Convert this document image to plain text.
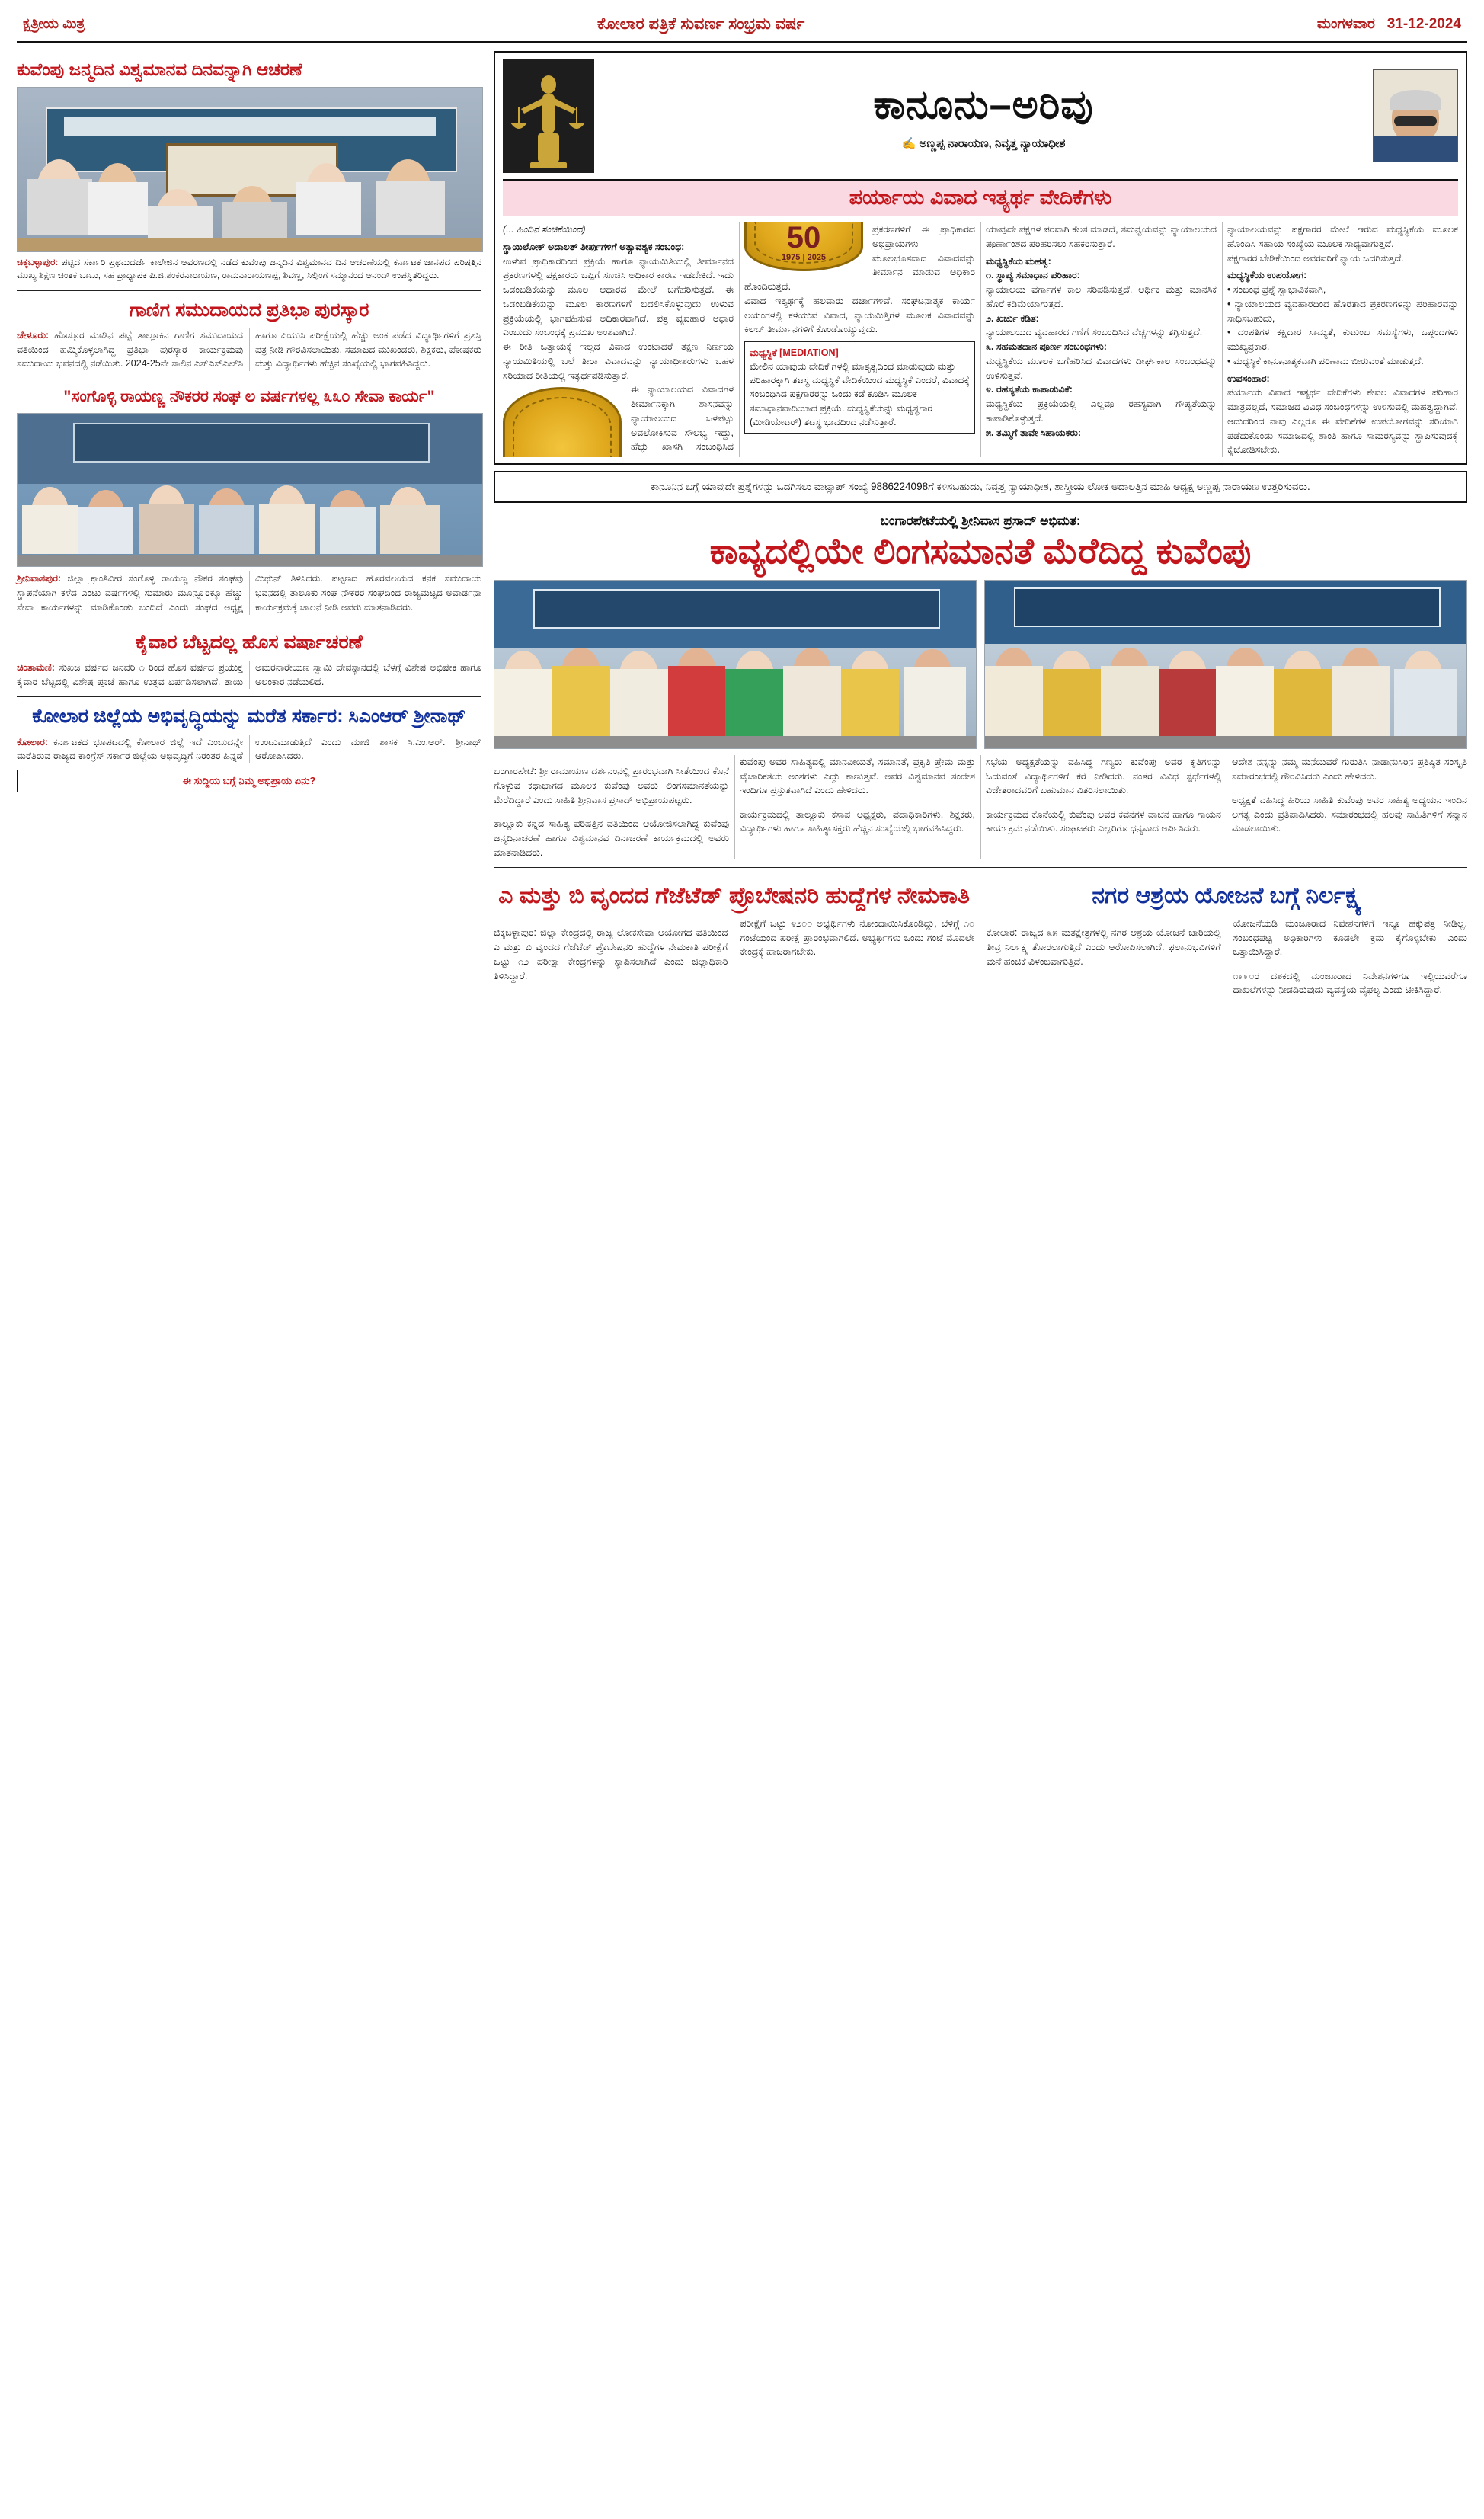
ಕ್ಷತ್ರೀಯ ಮಿತ್ರ	ಕೋಲಾರ ಪತ್ರಿಕೆ ಸುವರ್ಣ ಸಂಭ್ರಮ ವರ್ಷ	ಮಂಗಳವಾರ 31-12-2024
ಕುವೆಂಪು ಜನ್ಮದಿನ ವಿಶ್ವಮಾನವ ದಿನವನ್ನಾಗಿ ಆಚರಣೆ
ಚಿಕ್ಕಬಳ್ಳಾಪುರ: ಪಟ್ಟಿದ ಸರ್ಕಾರಿ ಪ್ರಥಮದರ್ಜೆ ಕಾಲೇಜಿನ ಆವರಣದಲ್ಲಿ ನಡೆದ ಕುವೆಂಪು ಜನ್ಮದಿನ ವಿಶ್ವಮಾನವ ದಿನ ಆಚರಣೆಯಲ್ಲಿ ಕರ್ನಾಟಕ ಜಾನಪದ ಪರಿಷತ್ತಿನ ಮುಖ್ಯ ಶಿಕ್ಷಣ ಚಿಂತಕ ಬಾಬು, ಸಹ ಪ್ರಾಧ್ಯಾಪಕ ಪಿ.ಜಿ.ಶಂಕರನಾರಾಯಣ, ರಾಮನಾರಾಯಣಪ್ಪ, ಶಿವಣ್ಣ, ಸಿಲ್ಲಿಂಗ ಸಮ್ಮಾನಂದ ಆನಂದ್ ಉಪಸ್ಥಿತರಿದ್ದರು.
ಗಾಣಿಗ ಸಮುದಾಯದ ಪ್ರತಿಭಾ ಪುರಸ್ಕಾರ
ಚೇಳೂರು: ಹೊಸ್ತೂರ ಮಾಡಿನ ಪಟ್ಟೆ ತಾಲ್ಲೂಕಿನ ಗಾಣಿಗ ಸಮುದಾಯದ ವತಿಯಿಂದ ಹಮ್ಮಿಕೊಳ್ಳಲಾಗಿದ್ದ ಪ್ರತಿಭಾ ಪುರಸ್ಕಾರ ಕಾರ್ಯಕ್ರಮವು ಸಮುದಾಯ ಭವನದಲ್ಲಿ ನಡೆಯಿತು. 2024-25ನೇ ಸಾಲಿನ ಎಸ್ಎಸ್ಎಲ್‌ಸಿ ಹಾಗೂ ಪಿಯುಸಿ ಪರೀಕ್ಷೆಯಲ್ಲಿ ಹೆಚ್ಚು ಅಂಕ ಪಡೆದ ವಿದ್ಯಾರ್ಥಿಗಳಿಗೆ ಪ್ರಶಸ್ತಿ ಪತ್ರ ನೀಡಿ ಗೌರವಿಸಲಾಯಿತು. ಸಮಾಜದ ಮುಖಂಡರು, ಶಿಕ್ಷಕರು, ಪೋಷಕರು ಮತ್ತು ವಿದ್ಯಾರ್ಥಿಗಳು ಹೆಚ್ಚಿನ ಸಂಖ್ಯೆಯಲ್ಲಿ ಭಾಗವಹಿಸಿದ್ದರು.
"ಸಂಗೊಳ್ಳಿ ರಾಯಣ್ಣ ನೌಕರರ ಸಂಘ ಲ ವರ್ಷಗಳಲ್ಲ ೩೩೦ ಸೇವಾ ಕಾರ್ಯ"
ಶ್ರೀನಿವಾಸಪುರ: ಜಿಲ್ಲಾ ಕ್ರಾಂತಿವೀರ ಸಂಗೊಳ್ಳಿ ರಾಯಣ್ಣ ನೌಕರ ಸಂಘವು ಸ್ಥಾಪನೆಯಾಗಿ ಕಳೆದ ಎಂಟು ವರ್ಷಗಳಲ್ಲಿ ಸುಮಾರು ಮೂನ್ನೂರಕ್ಕೂ ಹೆಚ್ಚು ಸೇವಾ ಕಾರ್ಯಗಳನ್ನು ಮಾಡಿಕೊಂಡು ಬಂದಿದೆ ಎಂದು ಸಂಘದ ಅಧ್ಯಕ್ಷ ಮಿಥುನ್ ತಿಳಿಸಿದರು. ಪಟ್ಟಣದ ಹೊರವಲಯದ ಕನಕ ಸಮುದಾಯ ಭವನದಲ್ಲಿ ತಾಲೂಕು ಸಂಘ ನೌಕರರ ಸಂಘದಿಂದ ರಾಜ್ಯಮಟ್ಟದ ಅವಾರ್ಡನಾ ಕಾರ್ಯಕ್ರಮಕ್ಕೆ ಚಾಲನೆ ನೀಡಿ ಅವರು ಮಾತನಾಡಿದರು.
ಕೈವಾರ ಬೆಟ್ಟದಲ್ಲ ಹೊಸ ವರ್ಷಾಚರಣೆ
ಚಿಂತಾಮಣಿ: ಸುಖಜ ವರ್ಷದ ಜನವರಿ ೧ ರಿಂದ ಹೊಸ ವರ್ಷದ ಪ್ರಯುಕ್ತ ಕೈವಾರ ಬೆಟ್ಟದಲ್ಲಿ ವಿಶೇಷ ಪೂಜೆ ಹಾಗೂ ಉತ್ಸವ ಏರ್ಪಡಿಸಲಾಗಿದೆ. ತಾಯಿ ಅಮರನಾರೇಯಣ ಸ್ವಾಮಿ ದೇವಸ್ಥಾನದಲ್ಲಿ ಬೆಳಗ್ಗೆ ವಿಶೇಷ ಅಭಿಷೇಕ ಹಾಗೂ ಅಲಂಕಾರ ನಡೆಯಲಿದೆ.
ಕೋಲಾರ ಜಿಲ್ಲೆಯ ಅಭಿವೃದ್ಧಿಯನ್ನು ಮರೆತ ಸರ್ಕಾರ: ಸಿಎಂಆರ್ ಶ್ರೀನಾಥ್
ಕೋಲಾರ: ಕರ್ನಾಟಕದ ಭೂಪಟದಲ್ಲಿ ಕೋಲಾರ ಜಿಲ್ಲೆ ಇದೆ ಎಂಬುದನ್ನೇ ಮರೆತಿರುವ ರಾಜ್ಯದ ಕಾಂಗ್ರೆಸ್ ಸರ್ಕಾರ ಜಿಲ್ಲೆಯ ಅಭಿವೃದ್ಧಿಗೆ ನಿರಂತರ ಹಿನ್ನಡೆ ಉಂಟುಮಾಡುತ್ತಿದೆ ಎಂದು ಮಾಜಿ ಶಾಸಕ ಸಿ.ಎಂ.ಆರ್. ಶ್ರೀನಾಥ್ ಆರೋಪಿಸಿದರು.
ಈ ಸುದ್ದಿಯ ಬಗ್ಗೆ ನಿಮ್ಮ ಅಭಿಪ್ರಾಯ ಏನು?
ಕಾನೂನು–ಅರಿವು
✍ ಅಣ್ಣಪ್ಪ ನಾರಾಯಣ, ನಿವೃತ್ತ ನ್ಯಾಯಾಧೀಶ
ಪರ್ಯಾಯ ವಿವಾದ ಇತ್ಯರ್ಥ ವೇದಿಕೆಗಳು
(... ಹಿಂದಿನ ಸಂಚಿಕೆಯಿಂದ)
ಸ್ಥಾಯಿಲೋಕ್ ಅದಾಲತ್ ತೀರ್ಪುಗಳಿಗೆ ಅತ್ಯಾವಶ್ಯಕ ಸಂಬಂಧ:
ಉಳುವ ಪ್ರಾಧಿಕಾರದಿಂದ ಪ್ರಕ್ರಿಯೆ ಹಾಗೂ ನ್ಯಾಯಮಿತಿಯಲ್ಲಿ ತೀರ್ಮಾನದ ಪ್ರಕರಣಗಳಲ್ಲಿ ಪಕ್ಷಕಾರರು ಒಪ್ಪಿಗೆ ಸೂಚಿಸಿ ಅಧಿಕಾರ ಕಾರಣ ಇಡಬೇಕಿದೆ. ಇದು ಒಡಂಬಡಿಕೆಯನ್ನು ಮೂಲ ಆಧಾರದ ಮೇಲೆ ಬಗೆಹರಿಸುತ್ತದೆ. ಈ ಒಡಂಬಡಿಕೆಯನ್ನು ಮೂಲ ಕಾರಣಗಳಿಗೆ ಬದಲಿಸಿಕೊಳ್ಳುವುದು ಉಳುವ ಪ್ರಕ್ರಿಯೆಯಲ್ಲಿ ಭಾಗವಹಿಸುವ ಅಧಿಕಾರವಾಗಿದೆ. ಪತ್ರ ವ್ಯವಹಾರ ಆಧಾರ ಎಂಬುದು ಸಂಬಂಧಕ್ಕೆ ಪ್ರಮುಖ ಅಂಶವಾಗಿದೆ.
ಈ ರೀತಿ ಒತ್ತಾಯಕ್ಕೆ ಇಲ್ಲದ ವಿವಾದ ಉಂಟಾದರೆ ತಕ್ಷಣ ನಿರ್ಣಯ ನ್ಯಾಯಮಿತಿಯಲ್ಲಿ ಬಲೆ ತೀರಾ ವಿವಾದವನ್ನು ನ್ಯಾಯಾಧೀಶರುಗಳು ಬಹಳ ಸರಿಯಾದ ರೀತಿಯಲ್ಲಿ ಇತ್ಯರ್ಥಪಡಿಸುತ್ತಾರೆ.
50
1975 | 2025
ಈ ನ್ಯಾಯಾಲಯದ ವಿವಾದಗಳ ತೀರ್ಮಾನಕ್ಕಾಗಿ ಶಾಸನವನ್ನು ನ್ಯಾಯಾಲಯದ ಒಳಪಟ್ಟು ಅವಲೋಕಿಸುವ ಸೌಲಭ್ಯ ಇದ್ದು, ಹೆಚ್ಚು ಖಾಸಗಿ ಸಂಬಂಧಿಸಿದ ಪ್ರಕರಣಗಳಿಗೆ ಈ ಪ್ರಾಧಿಕಾರದ ಅಭಿಪ್ರಾಯಗಳು ಮೂಲಭೂತವಾದ ವಿವಾದವನ್ನು ತೀರ್ಮಾನ ಮಾಡುವ ಅಧಿಕಾರ ಹೊಂದಿರುತ್ತದೆ.
ವಿವಾದ ಇತ್ಯರ್ಥಕ್ಕೆ ಹಲವಾರು ದರ್ಜಾಗಳಿವೆ. ಸಂಘಟನಾತ್ಮಕ ಕಾರ್ಯ ಲಯಂಗಳಲ್ಲಿ ಕಳೆಯುವ ವಿವಾದ, ನ್ಯಾಯಮಿತ್ತಿಗಳ ಮೂಲಕ ವಿವಾದವನ್ನು ಕಿಲಬ್ ತೀರ್ಮಾನಗಳಿಗೆ ಕೊಂಡೊಯ್ಯುವುದು.
ಮಧ್ಯಸ್ಥಿಕೆ [MEDIATION]
ಮೇಲಿನ ಯಾವುದು ವೇದಿಕೆ ಗಳಲ್ಲಿ ಮಾತೃತ್ವದಿಂದ ಮಾಡುವುದು ಮತ್ತು ಪರಿಹಾರಕ್ಕಾಗಿ ತಟಸ್ಥ ಮಧ್ಯಸ್ಥಿಕೆ ವೇದಿಕೆಯಿಂದ ಮಧ್ಯಸ್ಥಿಕೆ ಎಂದರೆ, ವಿವಾದಕ್ಕೆ ಸಂಬಂಧಿಸಿದ ಪಕ್ಷಗಾರರನ್ನು ಒಂದು ಕಡೆ ಕೂಡಿಸಿ ಮೂಲಕ ಸಮಾಧಾನವಾದಿಯಾದ ಪ್ರಕ್ರಿಯೆ. ಮಧ್ಯಸ್ಥಿಕೆಯನ್ನು ಮಧ್ಯಸ್ಥಗಾರ (ಮೀಡಿಯೇಟರ್) ತಟಸ್ಥ ಭಾವದಿಂದ ನಡೆಸುತ್ತಾರೆ.
ಯಾವುದೇ ಪಕ್ಷಗಳ ಪರವಾಗಿ ಕೆಲಸ ಮಾಡದೆ, ಸಮನ್ವಯವನ್ನು ನ್ಯಾಯಾಲಯದ ಪೂರ್ಣಾಂಶದ ಪರಿಹರಿಸಲು ಸಹಕರಿಸುತ್ತಾರೆ.
ಮಧ್ಯಸ್ಥಿಕೆಯ ಮಹತ್ವ:
೧. ಸ್ಥಾಪ್ಯ ಸಮಾಧಾನ ಪರಿಹಾರ:
ನ್ಯಾಯಾಲಯ ವರ್ಗಾಗಳ ಕಾಲ ಸರಿಪಡಿಸುತ್ತದೆ, ಆರ್ಥಿಕ ಮತ್ತು ಮಾನಸಿಕ ಹೊರೆ ಕಡಿಮೆಯಾಗುತ್ತದೆ.
೨. ಖರ್ಚು ಕಡಿತ:
ನ್ಯಾಯಾಲಯದ ವ್ಯವಹಾರದ ಗಣಿಗೆ ಸಂಬಂಧಿಸಿದ ವೆಚ್ಚಗಳನ್ನು ತಗ್ಗಿಸುತ್ತದೆ.
೩. ಸಹಮತದಾನ ಪೂರ್ಣ ಸಂಬಂಧಗಳು:
ಮಧ್ಯಸ್ಥಿಕೆಯ ಮೂಲಕ ಬಗೆಹರಿಸಿದ ವಿವಾದಗಳು ದೀರ್ಘಕಾಲ ಸಂಬಂಧವನ್ನು ಉಳಿಸುತ್ತವೆ.
೪. ರಹಸ್ಯತೆಯ ಕಾಪಾಡುವಿಕೆ:
ಮಧ್ಯಸ್ಥಿಕೆಯ ಪ್ರಕ್ರಿಯೆಯಲ್ಲಿ ಎಲ್ಲವೂ ರಹಸ್ಯವಾಗಿ ಗೌಪ್ಯತೆಯನ್ನು ಕಾಪಾಡಿಕೊಳ್ಳುತ್ತದೆ.
೫. ತಮ್ಮಿಗೆ ತಾವೇ ಸಿಹಾಯಕರು:
ನ್ಯಾಯಾಲಯವನ್ನು ಪಕ್ಷಗಾರರ ಮೇಲೆ ಇರುವ ಮಧ್ಯಸ್ಥಿಕೆಯ ಮೂಲಕ ಹೊಂದಿಸಿ ಸಹಾಯ ಸಂಖ್ಯೆಯ ಮೂಲಕ ಸಾಧ್ಯವಾಗುತ್ತದೆ.
ಪಕ್ಷಗಾರರ ಬೇಡಿಕೆಯಿಂದ ಅವರವರಿಗೆ ನ್ಯಾಯ ಒದಗಿಸುತ್ತದೆ.
ಮಧ್ಯಸ್ಥಿಕೆಯ ಉಪಯೋಗ:
• ಸಂಬಂಧ ಪ್ರಶ್ನೆ ಸ್ವಾಭಾವಿಕವಾಗಿ,
• ನ್ಯಾಯಾಲಯದ ವ್ಯವಹಾರದಿಂದ ಹೊರತಾದ ಪ್ರಕರಣಗಳನ್ನು ಪರಿಹಾರವನ್ನು ಸಾಧಿಸಬಹುದು,
• ದಂಪತಿಗಳ ಕಕ್ಷಿದಾರ ಸಾಮ್ಯತೆ, ಕುಟುಂಬ ಸಮಸ್ಯೆಗಳು, ಒಪ್ಪಂದಗಳು ಮುಖ್ಯಪ್ರಕಾರ.
• ಮಧ್ಯಸ್ಥಿಕೆ ಕಾನೂನಾತ್ಮಕವಾಗಿ ಪರಿಣಾಮ ಬೀರುವಂತೆ ಮಾಡುತ್ತದೆ.
ಉಪಸಂಹಾರ:
ಪರ್ಯಾಯ ವಿವಾದ ಇತ್ಯರ್ಥ ವೇದಿಕೆಗಳು ಕೇವಲ ವಿವಾದಗಳ ಪರಿಹಾರ ಮಾತ್ರವಲ್ಲದೆ, ಸಮಾಜದ ವಿವಿಧ ಸಂಬಂಧಗಳನ್ನು ಉಳಿಸುವಲ್ಲಿ ಮಹತ್ವದ್ದಾಗಿವೆ. ಆದುದರಿಂದ ನಾವು ಎಲ್ಲರೂ ಈ ವೇದಿಕೆಗಳ ಉಪಯೋಗವನ್ನು ಸರಿಯಾಗಿ ಪಡೆದುಕೊಂಡು ಸಮಾಜದಲ್ಲಿ ಶಾಂತಿ ಹಾಗೂ ಸಾಮರಸ್ಯವನ್ನು ಸ್ಥಾಪಿಸುವುದಕ್ಕೆ ಕೈಜೋಡಿಸಬೇಕು.
ಕಾನೂನಿನ ಬಗ್ಗೆ ಯಾವುದೇ ಪ್ರಶ್ನೆಗಳನ್ನು ಒದಗಿಸಲು ವಾಟ್ಸಾಪ್ ಸಂಖ್ಯೆ 9886224098ಗೆ ಕಳಿಸಬಹುದು, ನಿವೃತ್ತ ನ್ಯಾಯಾಧೀಶ, ಶಾಸ್ತ್ರೀಯ ಲೋಕ ಅದಾಲತ್ತಿನ ಮಾಹಿ ಅಧ್ಯಕ್ಷ ಅಣ್ಣಪ್ಪ ನಾರಾಯಣ ಉತ್ತರಿಸುವರು.
ಬಂಗಾರಪೇಟೆಯಲ್ಲಿ ಶ್ರೀನಿವಾಸ ಪ್ರಸಾದ್ ಅಭಿಮತ:
ಕಾವ್ಯದಲ್ಲಿಯೇ ಲಿಂಗಸಮಾನತೆ ಮೆರೆದಿದ್ದ ಕುವೆಂಪು

ಬಂಗಾರಪೇಟೆ: ಶ್ರೀ ರಾಮಾಯಣ ದರ್ಶನಂನಲ್ಲಿ ಪ್ರಾರಂಭವಾಗಿ ಸೀತೆಯಿಂದ ಕೊನೆ ಗೊಳ್ಳುವ ಕಥಾಭಾಗದ ಮೂಲಕ ಕುವೆಂಪು ಅವರು ಲಿಂಗಸಮಾನತೆಯನ್ನು ಮೆರೆದಿದ್ದಾರೆ ಎಂದು ಸಾಹಿತಿ ಶ್ರೀನಿವಾಸ ಪ್ರಸಾದ್ ಅಭಿಪ್ರಾಯಪಟ್ಟರು.

ತಾಲ್ಲೂಕು ಕನ್ನಡ ಸಾಹಿತ್ಯ ಪರಿಷತ್ತಿನ ವತಿಯಿಂದ ಆಯೋಜಿಸಲಾಗಿದ್ದ ಕುವೆಂಪು ಜನ್ಮದಿನಾಚರಣೆ ಹಾಗೂ ವಿಶ್ವಮಾನವ ದಿನಾಚರಣೆ ಕಾರ್ಯಕ್ರಮದಲ್ಲಿ ಅವರು ಮಾತನಾಡಿದರು.

ಕುವೆಂಪು ಅವರ ಸಾಹಿತ್ಯದಲ್ಲಿ ಮಾನವೀಯತೆ, ಸಮಾನತೆ, ಪ್ರಕೃತಿ ಪ್ರೇಮ ಮತ್ತು ವೈಚಾರಿಕತೆಯ ಅಂಶಗಳು ಎದ್ದು ಕಾಣುತ್ತವೆ. ಅವರ ವಿಶ್ವಮಾನವ ಸಂದೇಶ ಇಂದಿಗೂ ಪ್ರಸ್ತುತವಾಗಿದೆ ಎಂದು ಹೇಳಿದರು.

ಕಾರ್ಯಕ್ರಮದಲ್ಲಿ ತಾಲ್ಲೂಕು ಕಸಾಪ ಅಧ್ಯಕ್ಷರು, ಪದಾಧಿಕಾರಿಗಳು, ಶಿಕ್ಷಕರು, ವಿದ್ಯಾರ್ಥಿಗಳು ಹಾಗೂ ಸಾಹಿತ್ಯಾಸಕ್ತರು ಹೆಚ್ಚಿನ ಸಂಖ್ಯೆಯಲ್ಲಿ ಭಾಗವಹಿಸಿದ್ದರು.

ಸಭೆಯ ಅಧ್ಯಕ್ಷತೆಯನ್ನು ವಹಿಸಿದ್ದ ಗಣ್ಯರು ಕುವೆಂಪು ಅವರ ಕೃತಿಗಳನ್ನು ಓದುವಂತೆ ವಿದ್ಯಾರ್ಥಿಗಳಿಗೆ ಕರೆ ನೀಡಿದರು. ನಂತರ ವಿವಿಧ ಸ್ಪರ್ಧೆಗಳಲ್ಲಿ ವಿಜೇತರಾದವರಿಗೆ ಬಹುಮಾನ ವಿತರಿಸಲಾಯಿತು.

ಕಾರ್ಯಕ್ರಮದ ಕೊನೆಯಲ್ಲಿ ಕುವೆಂಪು ಅವರ ಕವನಗಳ ವಾಚನ ಹಾಗೂ ಗಾಯನ ಕಾರ್ಯಕ್ರಮ ನಡೆಯಿತು. ಸಂಘಟಕರು ಎಲ್ಲರಿಗೂ ಧನ್ಯವಾದ ಅರ್ಪಿಸಿದರು.

ಆದೇಶ ನನ್ನನ್ನು ನಮ್ಮ ಮನೆಯವರೆ ಗುರುತಿಸಿ ನಾಡಾನುಸಿರಿನ ಪ್ರತಿಷ್ಠಿತ ಸಂಸ್ಕೃತಿ ಸಮಾರಂಭದಲ್ಲಿ ಗೌರವಿಸಿದರು ಎಂದು ಹೇಳಿದರು.

ಅಧ್ಯಕ್ಷತೆ ವಹಿಸಿದ್ದ ಹಿರಿಯ ಸಾಹಿತಿ ಕುವೆಂಪು ಅವರ ಸಾಹಿತ್ಯ ಅಧ್ಯಯನ ಇಂದಿನ ಅಗತ್ಯ ಎಂದು ಪ್ರತಿಪಾದಿಸಿದರು. ಸಮಾರಂಭದಲ್ಲಿ ಹಲವು ಸಾಹಿತಿಗಳಿಗೆ ಸನ್ಮಾನ ಮಾಡಲಾಯಿತು.

ಎ ಮತ್ತು ಬಿ ವೃಂದದ ಗೆಜೆಟೆಡ್ ಪ್ರೊಬೇಷನರಿ ಹುದ್ದೆಗಳ ನೇಮಕಾತಿ

ಚಿಕ್ಕಬಳ್ಳಾಪುರ: ಜಿಲ್ಲಾ ಕೇಂದ್ರದಲ್ಲಿ ರಾಜ್ಯ ಲೋಕಸೇವಾ ಆಯೋಗದ ವತಿಯಿಂದ ಎ ಮತ್ತು ಬಿ ವೃಂದದ ಗೆಜೆಟೆಡ್ ಪ್ರೊಬೇಷನರಿ ಹುದ್ದೆಗಳ ನೇಮಕಾತಿ ಪರೀಕ್ಷೆಗೆ ಒಟ್ಟು ೧೨ ಪರೀಕ್ಷಾ ಕೇಂದ್ರಗಳನ್ನು ಸ್ಥಾಪಿಸಲಾಗಿದೆ ಎಂದು ಜಿಲ್ಲಾಧಿಕಾರಿ ತಿಳಿಸಿದ್ದಾರೆ.

ಪರೀಕ್ಷೆಗೆ ಒಟ್ಟು ೪೨೦೦ ಅಭ್ಯರ್ಥಿಗಳು ನೋಂದಾಯಿಸಿಕೊಂಡಿದ್ದು, ಬೆಳಿಗ್ಗೆ ೧೦ ಗಂಟೆಯಿಂದ ಪರೀಕ್ಷೆ ಪ್ರಾರಂಭವಾಗಲಿದೆ. ಅಭ್ಯರ್ಥಿಗಳು ಒಂದು ಗಂಟೆ ಮೊದಲೇ ಕೇಂದ್ರಕ್ಕೆ ಹಾಜರಾಗಬೇಕು.

ನಗರ ಆಶ್ರಯ ಯೋಜನೆ ಬಗ್ಗೆ ನಿರ್ಲಕ್ಷ್ಯ

ಕೋಲಾರ: ರಾಜ್ಯದ ೩೫ ಮತಕ್ಷೇತ್ರಗಳಲ್ಲಿ ನಗರ ಆಶ್ರಯ ಯೋಜನೆ ಜಾರಿಯಲ್ಲಿ ತೀವ್ರ ನಿರ್ಲಕ್ಷ್ಯ ತೋರಲಾಗುತ್ತಿದೆ ಎಂದು ಆರೋಪಿಸಲಾಗಿದೆ. ಫಲಾನುಭವಿಗಳಿಗೆ ಮನೆ ಹಂಚಿಕೆ ವಿಳಂಬವಾಗುತ್ತಿದೆ.

ಯೋಜನೆಯಡಿ ಮಂಜೂರಾದ ನಿವೇಶನಗಳಿಗೆ ಇನ್ನೂ ಹಕ್ಕುಪತ್ರ ನೀಡಿಲ್ಲ. ಸಂಬಂಧಪಟ್ಟ ಅಧಿಕಾರಿಗಳು ಕೂಡಲೇ ಕ್ರಮ ಕೈಗೊಳ್ಳಬೇಕು ಎಂದು ಒತ್ತಾಯಿಸಿದ್ದಾರೆ.

೧೯೯೦ರ ದಶಕದಲ್ಲಿ ಮಂಜೂರಾದ ನಿವೇಶನಗಳಿಗೂ ಇಲ್ಲಿಯವರೆಗೂ ದಾಖಲೆಗಳನ್ನು ನೀಡದಿರುವುದು ವ್ಯವಸ್ಥೆಯ ವೈಫಲ್ಯ ಎಂದು ಟೀಕಿಸಿದ್ದಾರೆ.
